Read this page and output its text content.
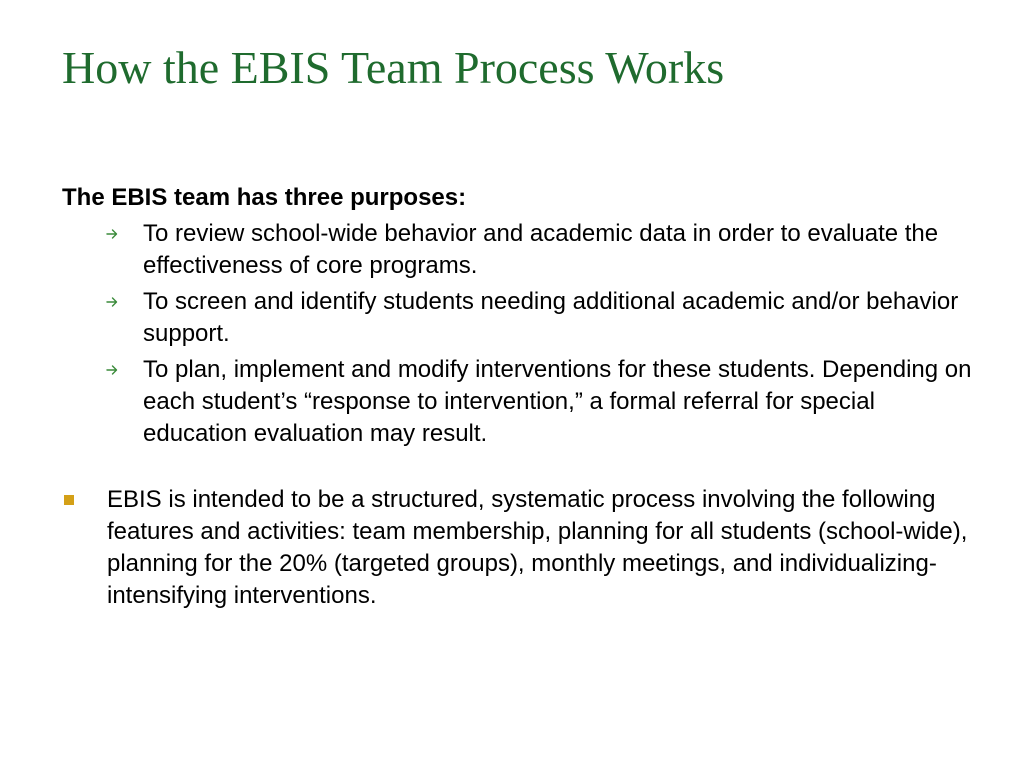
How the EBIS Team Process Works
The EBIS team has three purposes:
To review school-wide behavior and academic data in order to evaluate the effectiveness of core programs.
To screen and identify students needing additional academic and/or behavior support.
To plan, implement and modify interventions for these students. Depending on each student’s “response to intervention,” a formal referral for special education evaluation may result.
EBIS is intended to be a structured, systematic process involving the following features and activities: team membership, planning for all students (school-wide), planning for the 20% (targeted groups), monthly meetings, and individualizing-intensifying interventions.
